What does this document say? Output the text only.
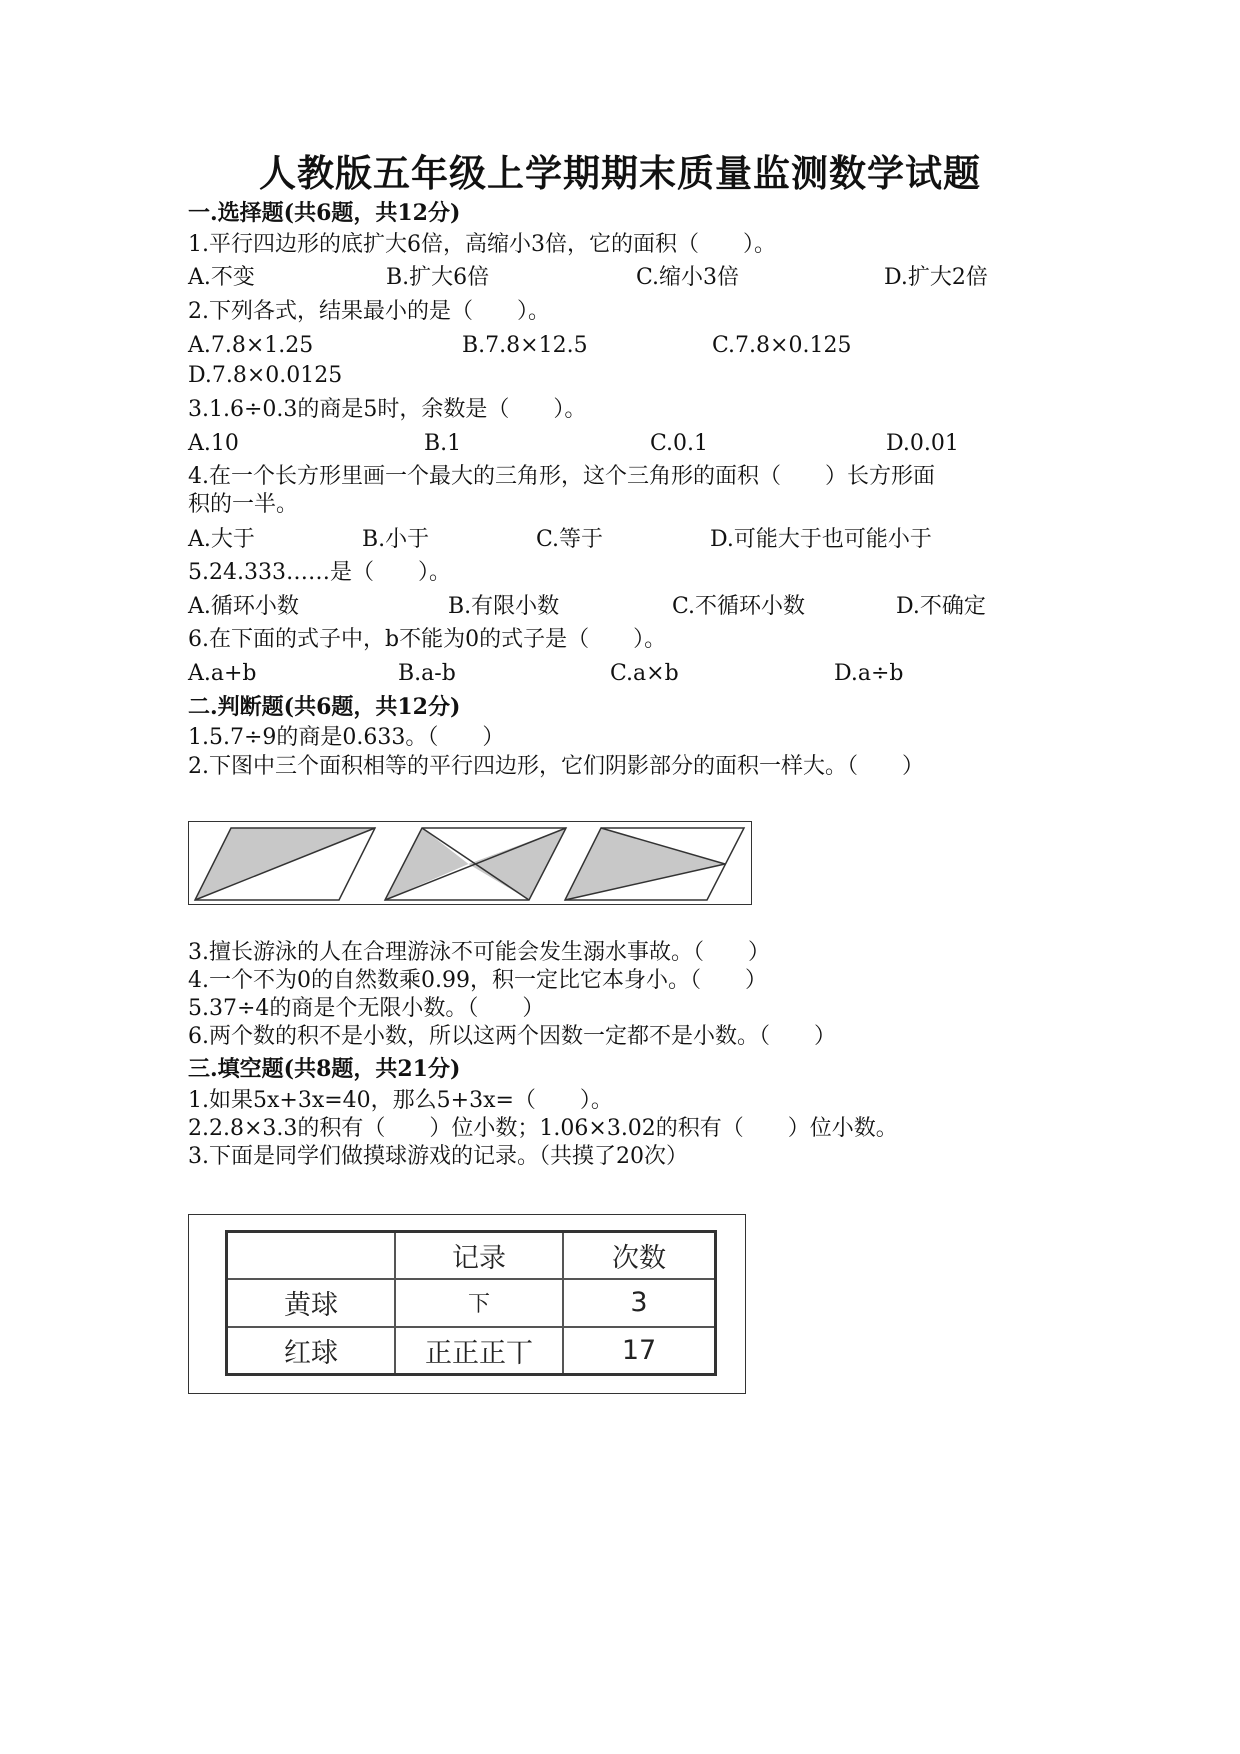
人教版五年级上学期期末质量监测数学试题
一.选择题(共6题，共12分)
1.平行四边形的底扩大6倍，高缩小3倍，它的面积（　　）。
A.不变	B.扩大6倍	C.缩小3倍	D.扩大2倍
2.下列各式，结果最小的是（　　）。
A.7.8×1.25	B.7.8×12.5	C.7.8×0.125
D.7.8×0.0125
3.1.6÷0.3的商是5时，余数是（　　）。
A.10	B.1	C.0.1	D.0.01
4.在一个长方形里画一个最大的三角形，这个三角形的面积（　　）长方形面
积的一半。
A.大于	B.小于	C.等于	D.可能大于也可能小于
5.24.333……是（　　）。
A.循环小数	B.有限小数	C.不循环小数	D.不确定
6.在下面的式子中，b不能为0的式子是（　　）。
A.a+b	B.a-b	C.a×b	D.a÷b
二.判断题(共6题，共12分)
1.5.7÷9的商是0.633。（　　）
2.下图中三个面积相等的平行四边形，它们阴影部分的面积一样大。（　　）
3.擅长游泳的人在合理游泳不可能会发生溺水事故。（　　）
4.一个不为0的自然数乘0.99，积一定比它本身小。（　　）
5.37÷4的商是个无限小数。（　　）
6.两个数的积不是小数，所以这两个因数一定都不是小数。（　　）
三.填空题(共8题，共21分)
1.如果5x+3x=40，那么5+3x=（　　）。
2.2.8×3.3的积有（　　）位小数；1.06×3.02的积有（　　）位小数。
3.下面是同学们做摸球游戏的记录。（共摸了20次）
	记录	次数
黄球	下	3
红球	正正正丅	17
